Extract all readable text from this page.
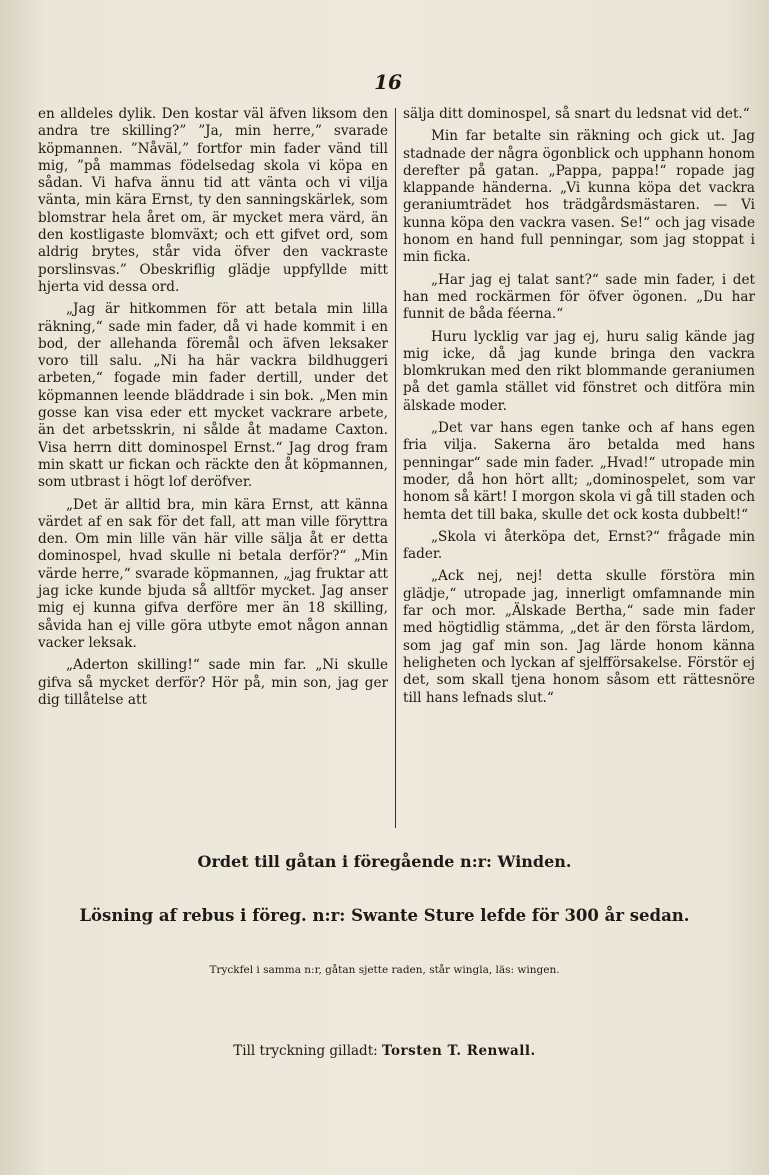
16

en alldeles dylik. Den kostar väl äfven liksom den andra tre skilling?” ”Ja, min herre,” svarade köpmannen. ”Nåväl,” fortfor min fader vänd till mig, ”på mammas födelsedag skola vi köpa en sådan. Vi hafva ännu tid att vänta och vi vilja vänta, min kära Ernst, ty den sanningskärlek, som blomstrar hela året om, är mycket mera värd, än den kostligaste blomväxt; och ett gifvet ord, som aldrig brytes, står vida öfver den vackraste porslinsvas.” Obeskriflig glädje uppfyllde mitt hjerta vid dessa ord.

„Jag är hitkommen för att betala min lilla räkning,“ sade min fader, då vi hade kommit i en bod, der allehanda föremål och äfven leksaker voro till salu. „Ni ha här vackra bildhuggeri arbeten,“ fogade min fader dertill, under det köpmannen leende bläddrade i sin bok. „Men min gosse kan visa eder ett mycket vackrare arbete, än det arbetsskrin, ni sålde åt madame Caxton. Visa herrn ditt dominospel Ernst.“ Jag drog fram min skatt ur fickan och räckte den åt köpmannen, som utbrast i högt lof deröfver.

„Det är alltid bra, min kära Ernst, att känna värdet af en sak för det fall, att man ville föryttra den. Om min lille vän här ville sälja åt er detta dominospel, hvad skulle ni betala derför?“ „Min värde herre,“ svarade köpmannen, „jag fruktar att jag icke kunde bjuda så alltför mycket. Jag anser mig ej kunna gifva derföre mer än 18 skilling, såvida han ej ville göra utbyte emot någon annan vacker leksak.

„Aderton skilling!“ sade min far. „Ni skulle gifva så mycket derför? Hör på, min son, jag ger dig tillåtelse att

sälja ditt dominospel, så snart du ledsnat vid det.“

Min far betalte sin räkning och gick ut. Jag stadnade der några ögonblick och upphann honom derefter på gatan. „Pappa, pappa!“ ropade jag klappande händerna. „Vi kunna köpa det vackra geraniumträdet hos trädgårdsmästaren. — Vi kunna köpa den vackra vasen. Se!“ och jag visade honom en hand full penningar, som jag stoppat i min ficka.

„Har jag ej talat sant?“ sade min fader, i det han med rockärmen för öfver ögonen. „Du har funnit de båda féerna.“

Huru lycklig var jag ej, huru salig kände jag mig icke, då jag kunde bringa den vackra blomkrukan med den rikt blommande geraniumen på det gamla stället vid fönstret och ditföra min älskade moder.

„Det var hans egen tanke och af hans egen fria vilja. Sakerna äro betalda med hans penningar“ sade min fader. „Hvad!“ utropade min moder, då hon hört allt; „dominospelet, som var honom så kärt! I morgon skola vi gå till staden och hemta det till baka, skulle det ock kosta dubbelt!“

„Skola vi återköpa det, Ernst?“ frågade min fader.

„Ack nej, nej! detta skulle förstöra min glädje,“ utropade jag, innerligt omfamnande min far och mor. „Älskade Bertha,“ sade min fader med högtidlig stämma, „det är den första lärdom, som jag gaf min son. Jag lärde honom känna heligheten och lyckan af sjelfförsakelse. Förstör ej det, som skall tjena honom såsom ett rättesnöre till hans lefnads slut.“

Ordet till gåtan i föregående n:r: Winden.
Lösning af rebus i föreg. n:r: Swante Sture lefde för 300 år sedan.
Tryckfel i samma n:r, gåtan sjette raden, står wingla, läs: wingen.
Till tryckning gilladt: Torsten T. Renwall.
